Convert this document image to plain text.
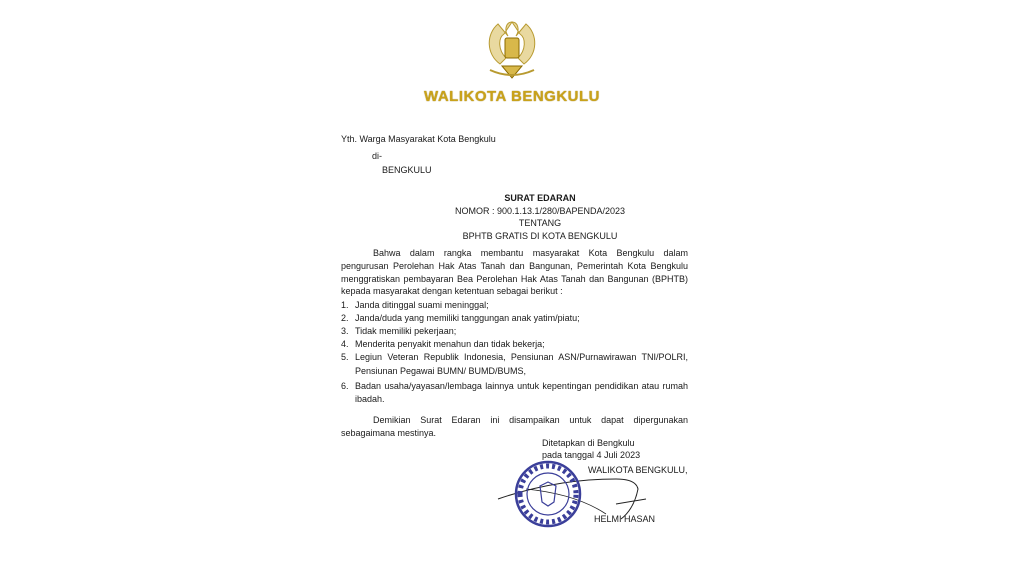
WALIKOTA BENGKULU
Yth. Warga Masyarakat Kota Bengkulu
di-
BENGKULU
SURAT EDARAN
NOMOR : 900.1.13.1/280/BAPENDA/2023
TENTANG
BPHTB GRATIS DI KOTA BENGKULU
Bahwa dalam rangka membantu masyarakat Kota Bengkulu dalam pengurusan Perolehan Hak Atas Tanah dan Bangunan, Pemerintah Kota Bengkulu menggratiskan pembayaran Bea Perolehan Hak Atas Tanah dan Bangunan (BPHTB) kepada masyarakat dengan ketentuan sebagai berikut :
1. Janda ditinggal suami meninggal;
2. Janda/duda yang memiliki tanggungan anak yatim/piatu;
3. Tidak memiliki pekerjaan;
4. Menderita penyakit menahun dan tidak bekerja;
5. Legiun Veteran Republik Indonesia, Pensiunan ASN/Purnawirawan TNI/POLRI, Pensiunan Pegawai BUMN/ BUMD/BUMS,
6. Badan usaha/yayasan/lembaga lainnya untuk kepentingan pendidikan atau rumah ibadah.
Demikian Surat Edaran ini disampaikan untuk dapat dipergunakan sebagaimana mestinya.
Ditetapkan di Bengkulu
pada tanggal 4 Juli 2023
WALIKOTA BENGKULU,
HELMI HASAN
